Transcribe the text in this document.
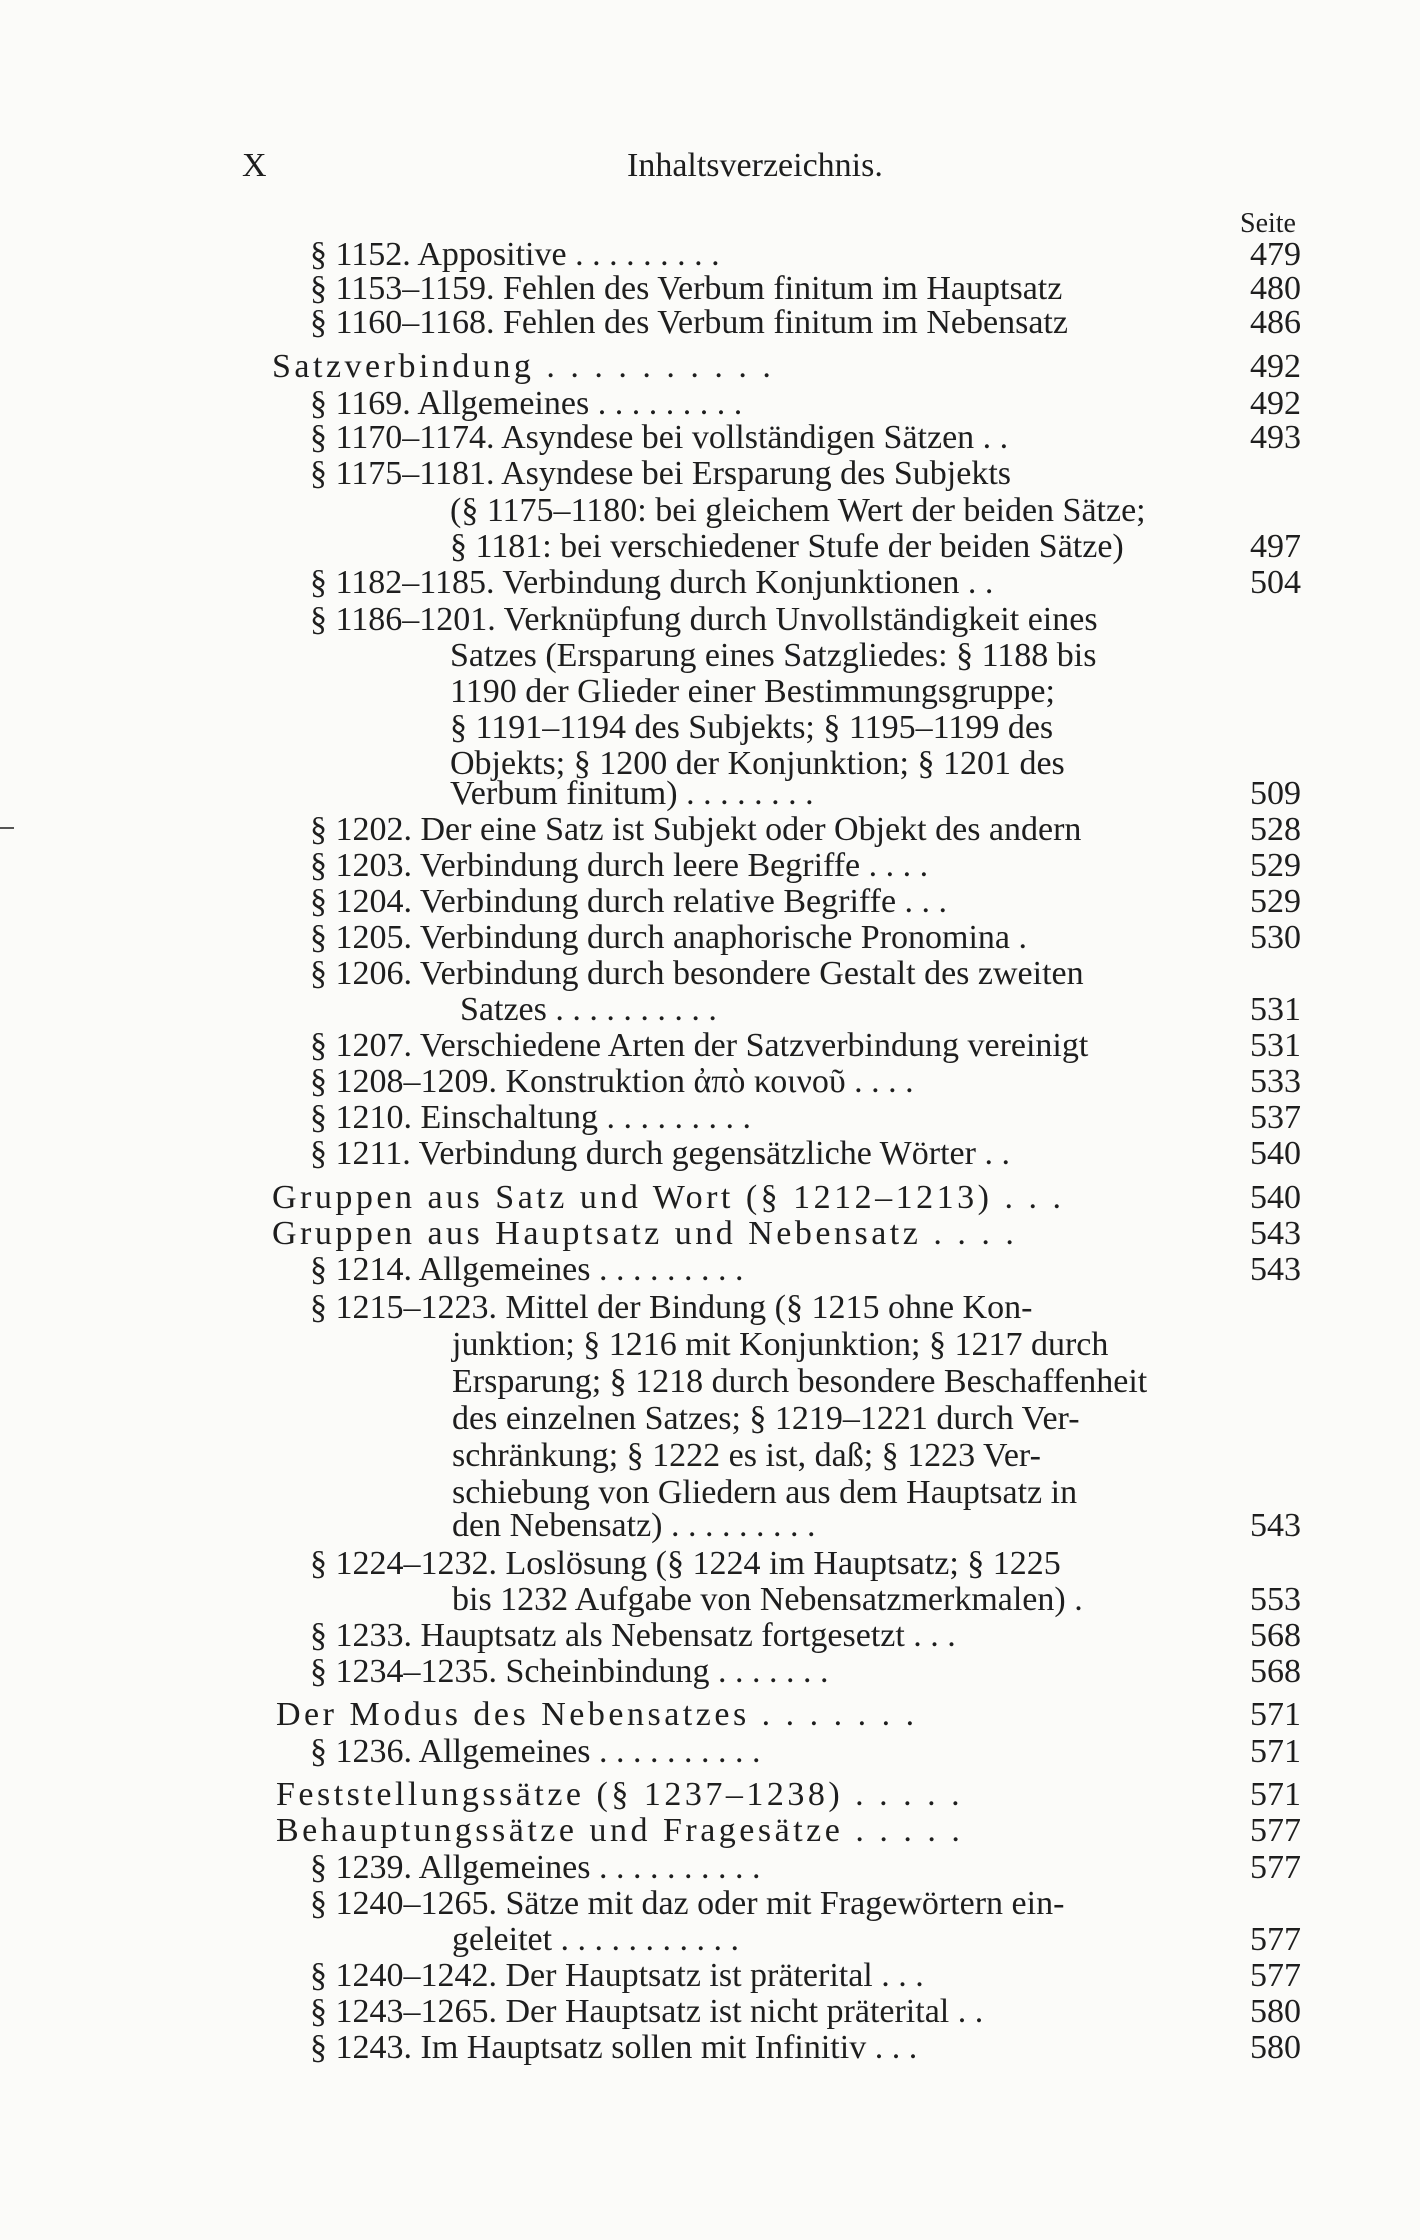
X	Inhaltsverzeichnis.
Seite
§ 1152. Appositive . . . . . . . . .	479
§ 1153–1159. Fehlen des Verbum finitum im Hauptsatz	480
§ 1160–1168. Fehlen des Verbum finitum im Nebensatz	486
Satzverbindung . . . . . . . . . .	492
§ 1169. Allgemeines . . . . . . . . .	492
§ 1170–1174. Asyndese bei vollständigen Sätzen . .	493
§ 1175–1181. Asyndese bei Ersparung des Subjekts
(§ 1175–1180: bei gleichem Wert der beiden Sätze;
§ 1181: bei verschiedener Stufe der beiden Sätze)	497
§ 1182–1185. Verbindung durch Konjunktionen . .	504
§ 1186–1201. Verknüpfung durch Unvollständigkeit eines
Satzes (Ersparung eines Satzgliedes: § 1188 bis
1190 der Glieder einer Bestimmungsgruppe;
§ 1191–1194 des Subjekts; § 1195–1199 des
Objekts; § 1200 der Konjunktion; § 1201 des
Verbum finitum) . . . . . . . .	509
§ 1202. Der eine Satz ist Subjekt oder Objekt des andern	528
§ 1203. Verbindung durch leere Begriffe . . . .	529
§ 1204. Verbindung durch relative Begriffe . . .	529
§ 1205. Verbindung durch anaphorische Pronomina .	530
§ 1206. Verbindung durch besondere Gestalt des zweiten
Satzes . . . . . . . . . .	531
§ 1207. Verschiedene Arten der Satzverbindung vereinigt	531
§ 1208–1209. Konstruktion ἀπὸ κοινοῦ . . . .	533
§ 1210. Einschaltung . . . . . . . . .	537
§ 1211. Verbindung durch gegensätzliche Wörter . .	540
Gruppen aus Satz und Wort (§ 1212–1213) . . .	540
Gruppen aus Hauptsatz und Nebensatz . . . .	543
§ 1214. Allgemeines . . . . . . . . .	543
§ 1215–1223. Mittel der Bindung (§ 1215 ohne Kon-
junktion; § 1216 mit Konjunktion; § 1217 durch
Ersparung; § 1218 durch besondere Beschaffenheit
des einzelnen Satzes; § 1219–1221 durch Ver-
schränkung; § 1222 es ist, daß; § 1223 Ver-
schiebung von Gliedern aus dem Hauptsatz in
den Nebensatz) . . . . . . . . .	543
§ 1224–1232. Loslösung (§ 1224 im Hauptsatz; § 1225
bis 1232 Aufgabe von Nebensatzmerkmalen) .	553
§ 1233. Hauptsatz als Nebensatz fortgesetzt . . .	568
§ 1234–1235. Scheinbindung . . . . . . .	568
Der Modus des Nebensatzes . . . . . . .	571
§ 1236. Allgemeines . . . . . . . . . .	571
Feststellungssätze (§ 1237–1238) . . . . .	571
Behauptungssätze und Fragesätze . . . . .	577
§ 1239. Allgemeines . . . . . . . . . .	577
§ 1240–1265. Sätze mit daz oder mit Fragewörtern ein-
geleitet . . . . . . . . . . .	577
§ 1240–1242. Der Hauptsatz ist präterital . . .	577
§ 1243–1265. Der Hauptsatz ist nicht präterital . .	580
§ 1243. Im Hauptsatz sollen mit Infinitiv . . .	580
